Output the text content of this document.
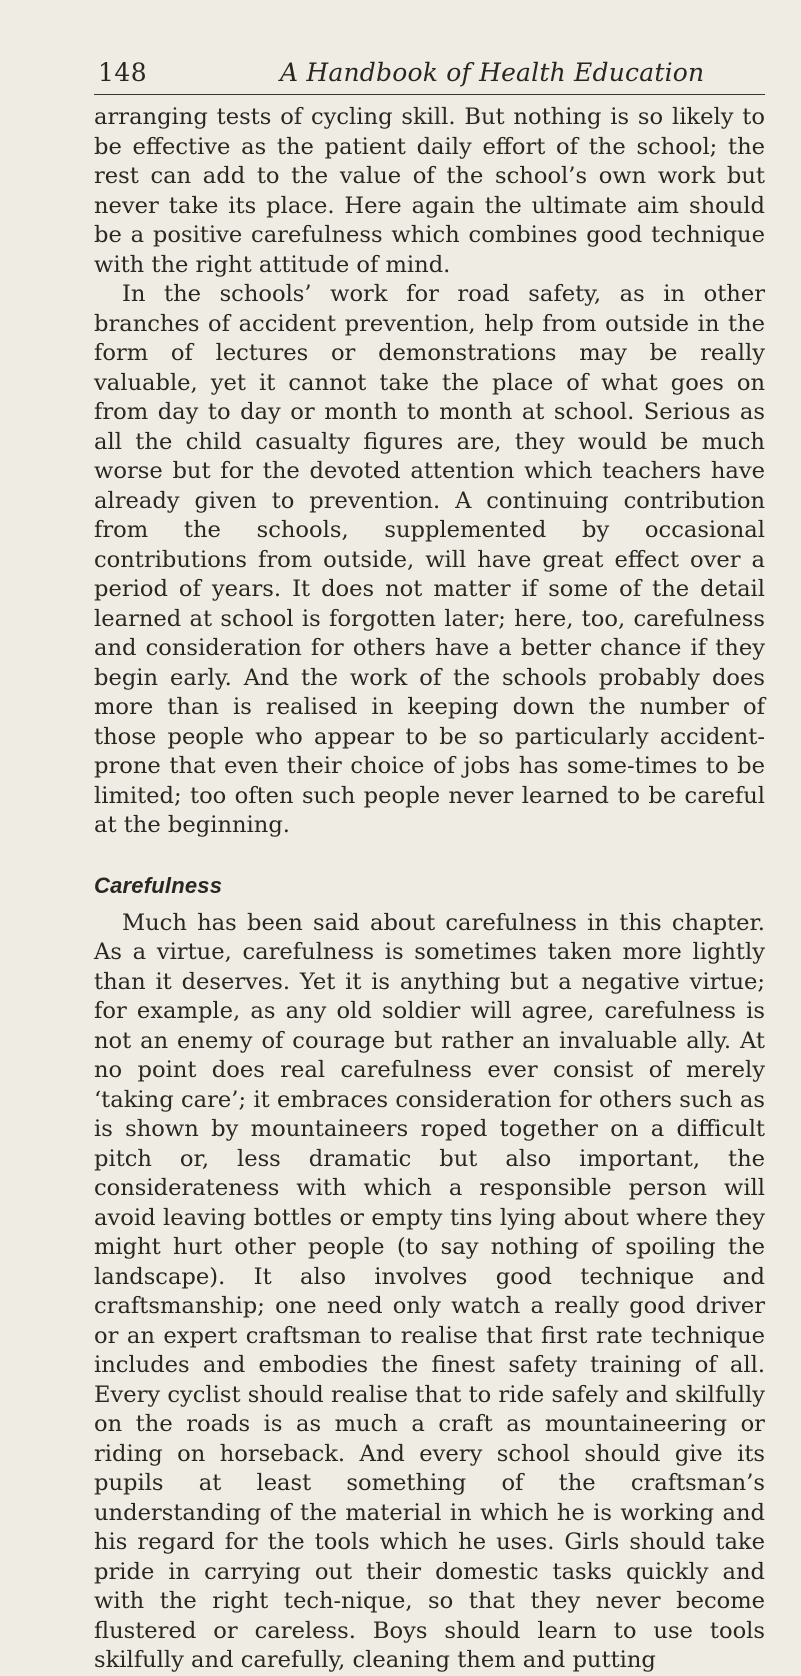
148	A Handbook of Health Education

arranging tests of cycling skill. But nothing is so likely to be effective as the patient daily effort of the school; the rest can add to the value of the school’s own work but never take its place. Here again the ultimate aim should be a positive carefulness which combines good technique with the right attitude of mind.

In the schools’ work for road safety, as in other branches of accident prevention, help from outside in the form of lectures or demonstrations may be really valuable, yet it cannot take the place of what goes on from day to day or month to month at school. Serious as all the child casualty figures are, they would be much worse but for the devoted attention which teachers have already given to prevention. A continuing contribution from the schools, supplemented by occasional contributions from outside, will have great effect over a period of years. It does not matter if some of the detail learned at school is forgotten later; here, too, carefulness and consideration for others have a better chance if they begin early. And the work of the schools probably does more than is realised in keeping down the number of those people who appear to be so particularly accident-prone that even their choice of jobs has some-times to be limited; too often such people never learned to be careful at the beginning.

Carefulness

Much has been said about carefulness in this chapter. As a virtue, carefulness is sometimes taken more lightly than it deserves. Yet it is anything but a negative virtue; for example, as any old soldier will agree, carefulness is not an enemy of courage but rather an invaluable ally. At no point does real carefulness ever consist of merely ‘taking care’; it embraces consideration for others such as is shown by mountaineers roped together on a difficult pitch or, less dramatic but also important, the considerateness with which a responsible person will avoid leaving bottles or empty tins lying about where they might hurt other people (to say nothing of spoiling the landscape). It also involves good technique and craftsmanship; one need only watch a really good driver or an expert craftsman to realise that first rate technique includes and embodies the finest safety training of all. Every cyclist should realise that to ride safely and skilfully on the roads is as much a craft as mountaineering or riding on horseback. And every school should give its pupils at least something of the craftsman’s understanding of the material in which he is working and his regard for the tools which he uses. Girls should take pride in carrying out their domestic tasks quickly and with the right tech-nique, so that they never become flustered or careless. Boys should learn to use tools skilfully and carefully, cleaning them and putting
